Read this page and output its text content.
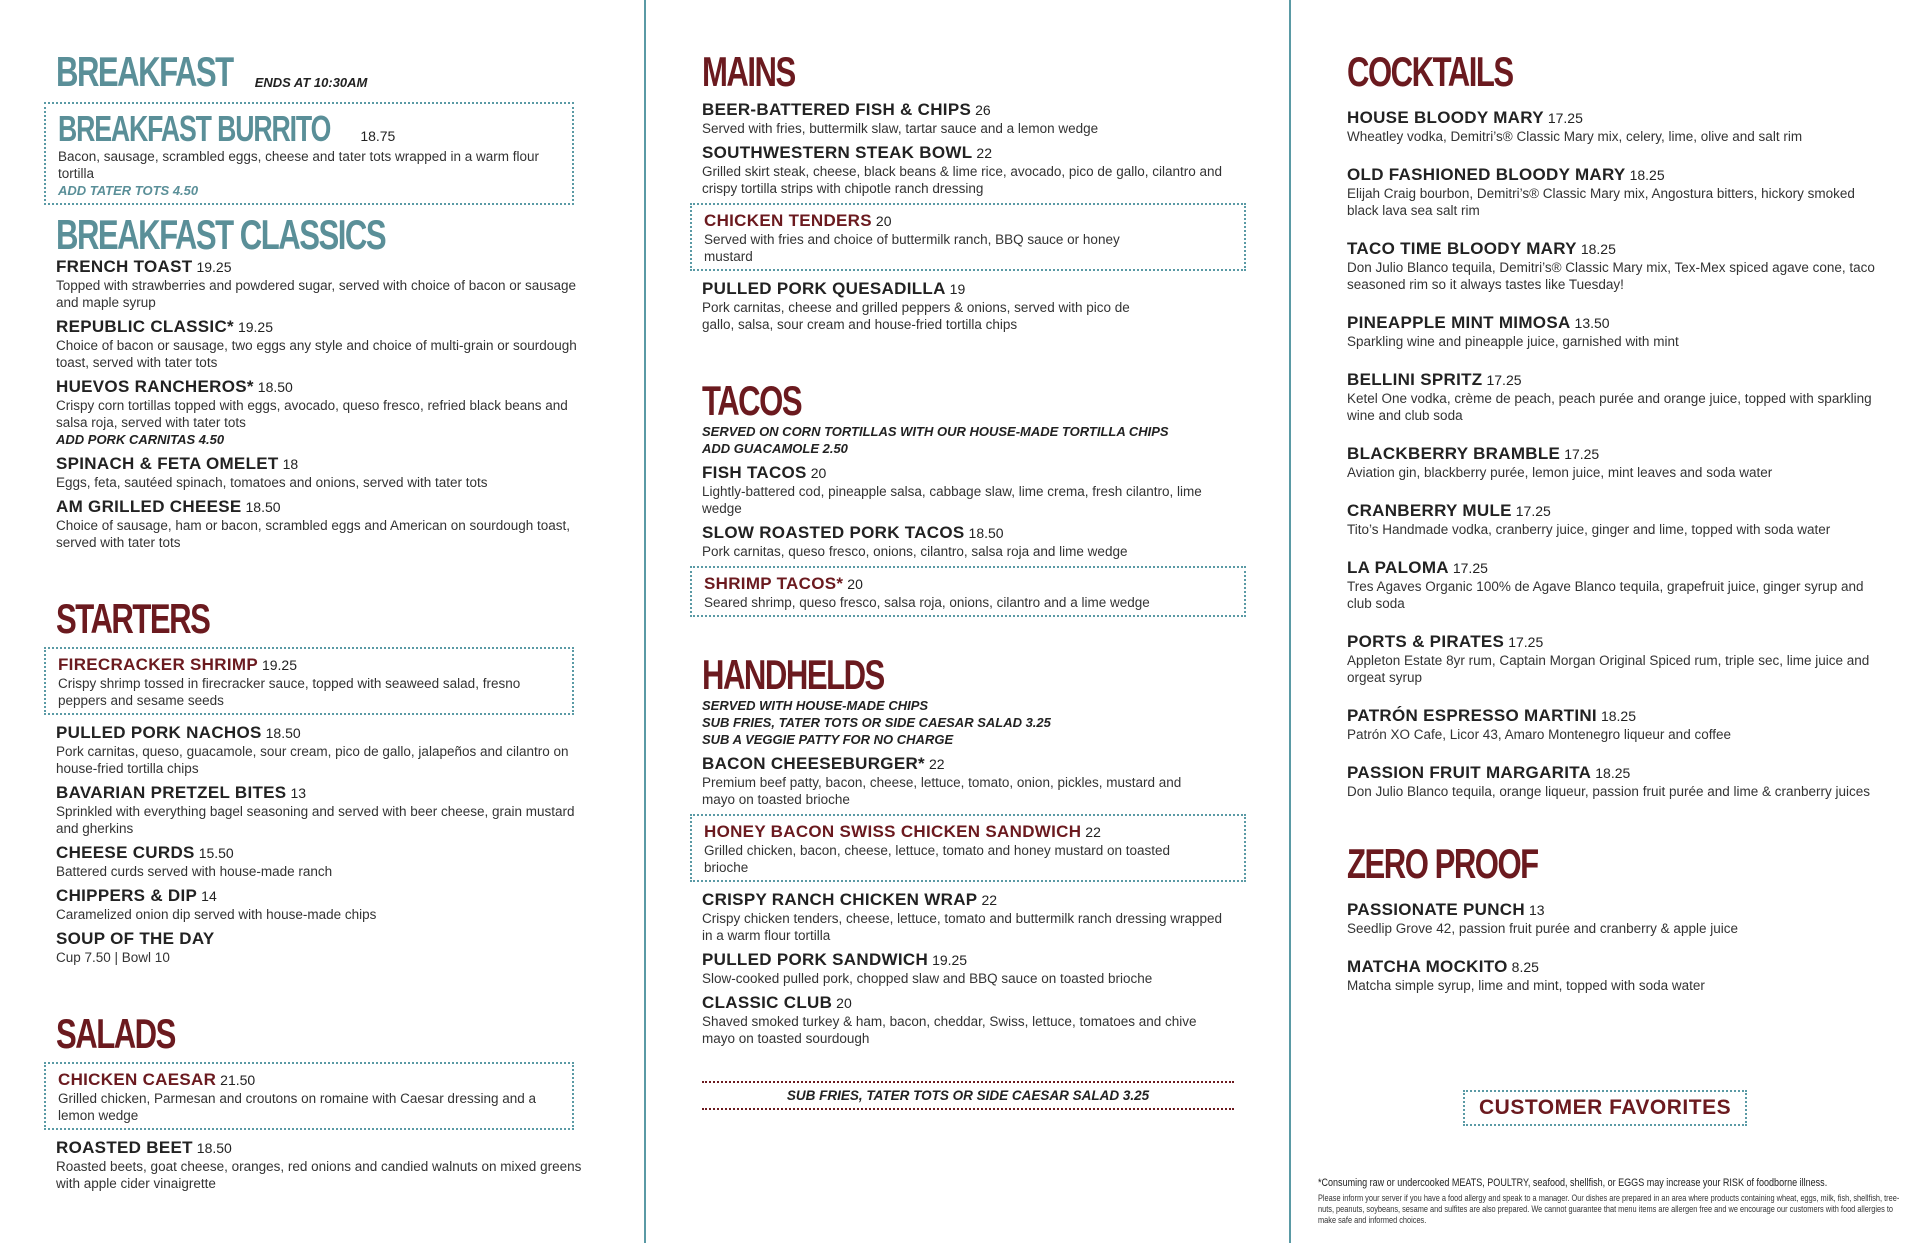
BREAKFAST ENDS AT 10:30AM
BREAKFAST BURRITO 18.75
Bacon, sausage, scrambled eggs, cheese and tater tots wrapped in a warm flour tortilla
ADD TATER TOTS 4.50
BREAKFAST CLASSICS
FRENCH TOAST 19.25
Topped with strawberries and powdered sugar, served with choice of bacon or sausage and maple syrup
REPUBLIC CLASSIC* 19.25
Choice of bacon or sausage, two eggs any style and choice of multi-grain or sourdough toast, served with tater tots
HUEVOS RANCHEROS* 18.50
Crispy corn tortillas topped with eggs, avocado, queso fresco, refried black beans and salsa roja, served with tater tots
ADD PORK CARNITAS 4.50
SPINACH & FETA OMELET 18
Eggs, feta, sautéed spinach, tomatoes and onions, served with tater tots
AM GRILLED CHEESE 18.50
Choice of sausage, ham or bacon, scrambled eggs and American on sourdough toast, served with tater tots
STARTERS
FIRECRACKER SHRIMP 19.25
Crispy shrimp tossed in firecracker sauce, topped with seaweed salad, fresno peppers and sesame seeds
PULLED PORK NACHOS 18.50
Pork carnitas, queso, guacamole, sour cream, pico de gallo, jalapeños and cilantro on house-fried tortilla chips
BAVARIAN PRETZEL BITES 13
Sprinkled with everything bagel seasoning and served with beer cheese, grain mustard and gherkins
CHEESE CURDS 15.50
Battered curds served with house-made ranch
CHIPPERS & DIP 14
Caramelized onion dip served with house-made chips
SOUP OF THE DAY
Cup 7.50 | Bowl 10
SALADS
CHICKEN CAESAR 21.50
Grilled chicken, Parmesan and croutons on romaine with Caesar dressing and a lemon wedge
ROASTED BEET 18.50
Roasted beets, goat cheese, oranges, red onions and candied walnuts on mixed greens with apple cider vinaigrette
MAINS
BEER-BATTERED FISH & CHIPS 26
Served with fries, buttermilk slaw, tartar sauce and a lemon wedge
SOUTHWESTERN STEAK BOWL 22
Grilled skirt steak, cheese, black beans & lime rice, avocado, pico de gallo, cilantro and crispy tortilla strips with chipotle ranch dressing
CHICKEN TENDERS 20
Served with fries and choice of buttermilk ranch, BBQ sauce or honey mustard
PULLED PORK QUESADILLA 19
Pork carnitas, cheese and grilled peppers & onions, served with pico de gallo, salsa, sour cream and house-fried tortilla chips
TACOS
SERVED ON CORN TORTILLAS WITH OUR HOUSE-MADE TORTILLA CHIPS
ADD GUACAMOLE 2.50
FISH TACOS 20
Lightly-battered cod, pineapple salsa, cabbage slaw, lime crema, fresh cilantro, lime wedge
SLOW ROASTED PORK TACOS 18.50
Pork carnitas, queso fresco, onions, cilantro, salsa roja and lime wedge
SHRIMP TACOS* 20
Seared shrimp, queso fresco, salsa roja, onions, cilantro and a lime wedge
HANDHELDS
SERVED WITH HOUSE-MADE CHIPS
SUB FRIES, TATER TOTS OR SIDE CAESAR SALAD 3.25
SUB A VEGGIE PATTY FOR NO CHARGE
BACON CHEESEBURGER* 22
Premium beef patty, bacon, cheese, lettuce, tomato, onion, pickles, mustard and mayo on toasted brioche
HONEY BACON SWISS CHICKEN SANDWICH 22
Grilled chicken, bacon, cheese, lettuce, tomato and honey mustard on toasted brioche
CRISPY RANCH CHICKEN WRAP 22
Crispy chicken tenders, cheese, lettuce, tomato and buttermilk ranch dressing wrapped in a warm flour tortilla
PULLED PORK SANDWICH 19.25
Slow-cooked pulled pork, chopped slaw and BBQ sauce on toasted brioche
CLASSIC CLUB 20
Shaved smoked turkey & ham, bacon, cheddar, Swiss, lettuce, tomatoes and chive mayo on toasted sourdough
SUB FRIES, TATER TOTS OR SIDE CAESAR SALAD 3.25
COCKTAILS
HOUSE BLOODY MARY 17.25
Wheatley vodka, Demitri’s® Classic Mary mix, celery, lime, olive and salt rim
OLD FASHIONED BLOODY MARY 18.25
Elijah Craig bourbon, Demitri’s® Classic Mary mix, Angostura bitters, hickory smoked black lava sea salt rim
TACO TIME BLOODY MARY 18.25
Don Julio Blanco tequila, Demitri’s® Classic Mary mix, Tex-Mex spiced agave cone, taco seasoned rim so it always tastes like Tuesday!
PINEAPPLE MINT MIMOSA 13.50
Sparkling wine and pineapple juice, garnished with mint
BELLINI SPRITZ 17.25
Ketel One vodka, crème de peach, peach purée and orange juice, topped with sparkling wine and club soda
BLACKBERRY BRAMBLE 17.25
Aviation gin, blackberry purée, lemon juice, mint leaves and soda water
CRANBERRY MULE 17.25
Tito’s Handmade vodka, cranberry juice, ginger and lime, topped with soda water
LA PALOMA 17.25
Tres Agaves Organic 100% de Agave Blanco tequila, grapefruit juice, ginger syrup and club soda
PORTS & PIRATES 17.25
Appleton Estate 8yr rum, Captain Morgan Original Spiced rum, triple sec, lime juice and orgeat syrup
PATRÓN ESPRESSO MARTINI 18.25
Patrón XO Cafe, Licor 43, Amaro Montenegro liqueur and coffee
PASSION FRUIT MARGARITA 18.25
Don Julio Blanco tequila, orange liqueur, passion fruit purée and lime & cranberry juices
ZERO PROOF
PASSIONATE PUNCH 13
Seedlip Grove 42, passion fruit purée and cranberry & apple juice
MATCHA MOCKITO 8.25
Matcha simple syrup, lime and mint, topped with soda water
CUSTOMER FAVORITES
*Consuming raw or undercooked MEATS, POULTRY, seafood, shellfish, or EGGS may increase your RISK of foodborne illness.
Please inform your server if you have a food allergy and speak to a manager. Our dishes are prepared in an area where products containing wheat, eggs, milk, fish, shellfish, tree-nuts, peanuts, soybeans, sesame and sulfites are also prepared. We cannot guarantee that menu items are allergen free and we encourage our customers with food allergies to make safe and informed choices.
